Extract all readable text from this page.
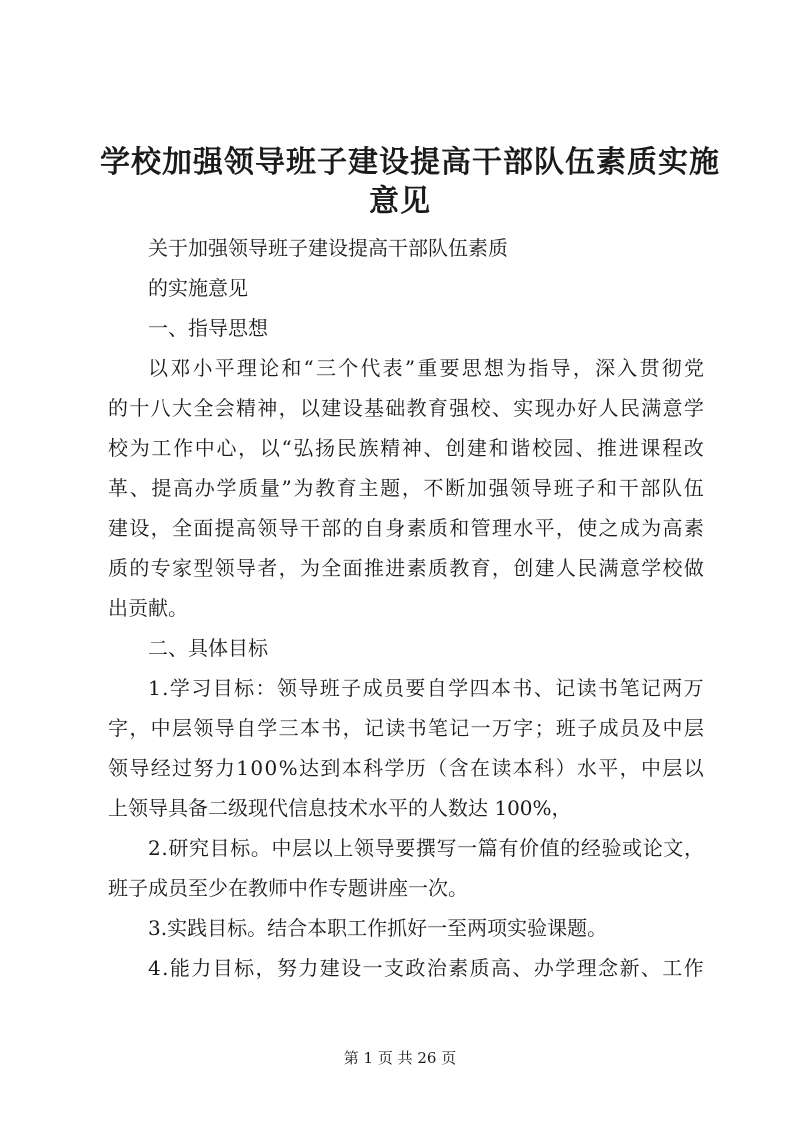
学校加强领导班子建设提高干部队伍素质实施
意见
关于加强领导班子建设提高干部队伍素质
的实施意见
一、指导思想
以 邓 小 平 理 论 和 “ 三 个 代 表 ” 重 要 思 想 为 指 导 ， 深 入 贯 彻 党
的 十 八 大 全 会 精 神 ， 以 建 设 基 础 教 育 强 校 、 实 现 办 好 人 民 满 意 学
校 为 工 作 中 心 ， 以 “ 弘 扬 民 族 精 神 、 创 建 和 谐 校 园 、 推 进 课 程 改
革 、 提 高 办 学 质 量 ” 为 教 育 主 题 ， 不 断 加 强 领 导 班 子 和 干 部 队 伍
建 设 ， 全 面 提 高 领 导 干 部 的 自 身 素 质 和 管 理 水 平 ， 使 之 成 为 高 素
质 的 专 家 型 领 导 者 ， 为 全 面 推 进 素 质 教 育 ， 创 建 人 民 满 意 学 校 做
出贡献。
二、具体目标
1 . 学 习 目 标 ： 领 导 班 子 成 员 要 自 学 四 本 书 、 记 读 书 笔 记 两 万
字 ， 中 层 领 导 自 学 三 本 书 ， 记 读 书 笔 记 一 万 字 ； 班 子 成 员 及 中 层
领 导 经 过 努 力 1 0 0 % 达 到 本 科 学 历 （ 含 在 读 本 科 ） 水 平 ， 中 层 以
上领导具备二级现代信息技术水平的人数达 100%，
2 . 研 究 目 标 。 中 层 以 上 领 导 要 撰 写 一 篇 有 价 值 的 经 验 或 论 文 ，
班子成员至少在教师中作专题讲座一次。
3.实践目标。结合本职工作抓好一至两项实验课题。
4 . 能 力 目 标 ， 努 力 建 设 一 支 政 治 素 质 高 、 办 学 理 念 新 、 工 作
第 1 页 共 26 页
